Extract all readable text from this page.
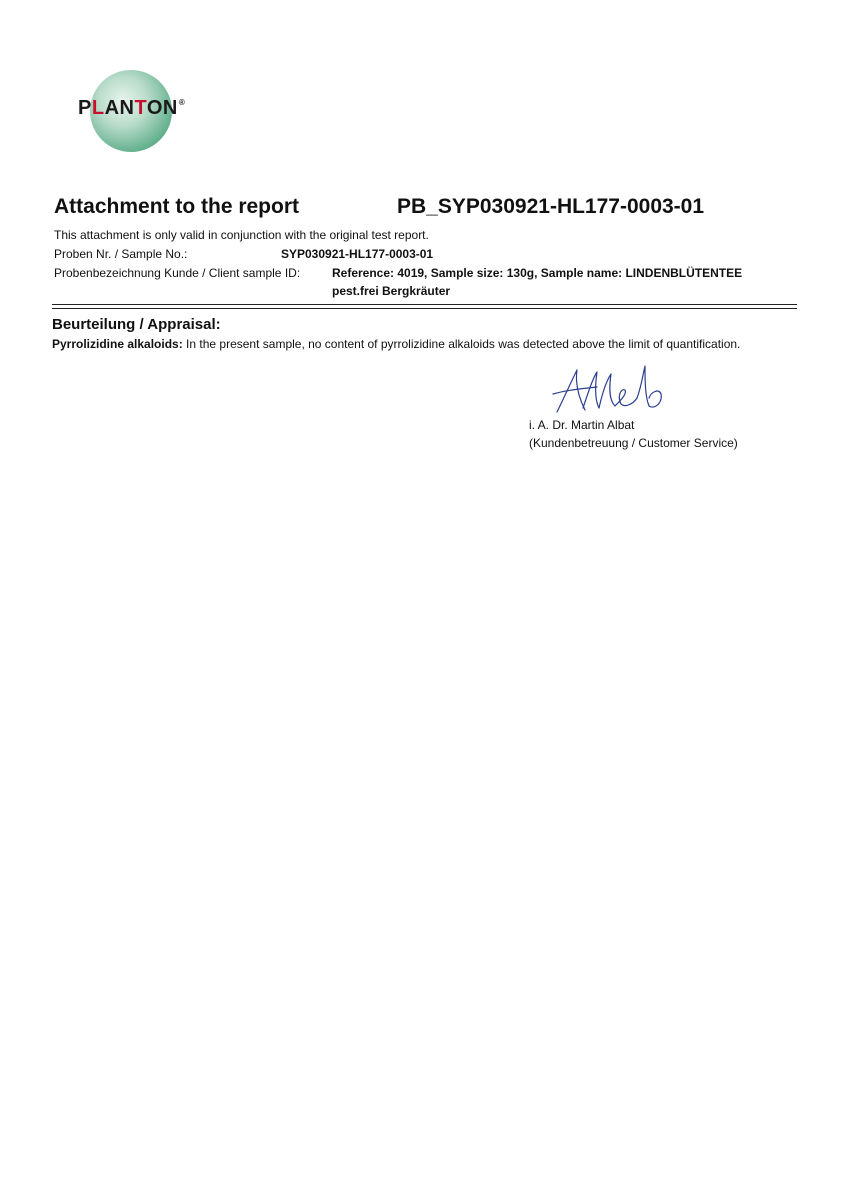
PLANTON®
Attachment to the report	PB_SYP030921-HL177-0003-01
This attachment is only valid in conjunction with the original test report.
Proben Nr. / Sample No.:	SYP030921-HL177-0003-01
Probenbezeichnung Kunde / Client sample ID:	Reference: 4019, Sample size: 130g, Sample name: LINDENBLÜTENTEE
pest.frei Bergkräuter
Beurteilung / Appraisal:
Pyrrolizidine alkaloids: In the present sample, no content of pyrrolizidine alkaloids was detected above the limit of quantification.
i. A. Dr. Martin Albat
(Kundenbetreuung / Customer Service)
